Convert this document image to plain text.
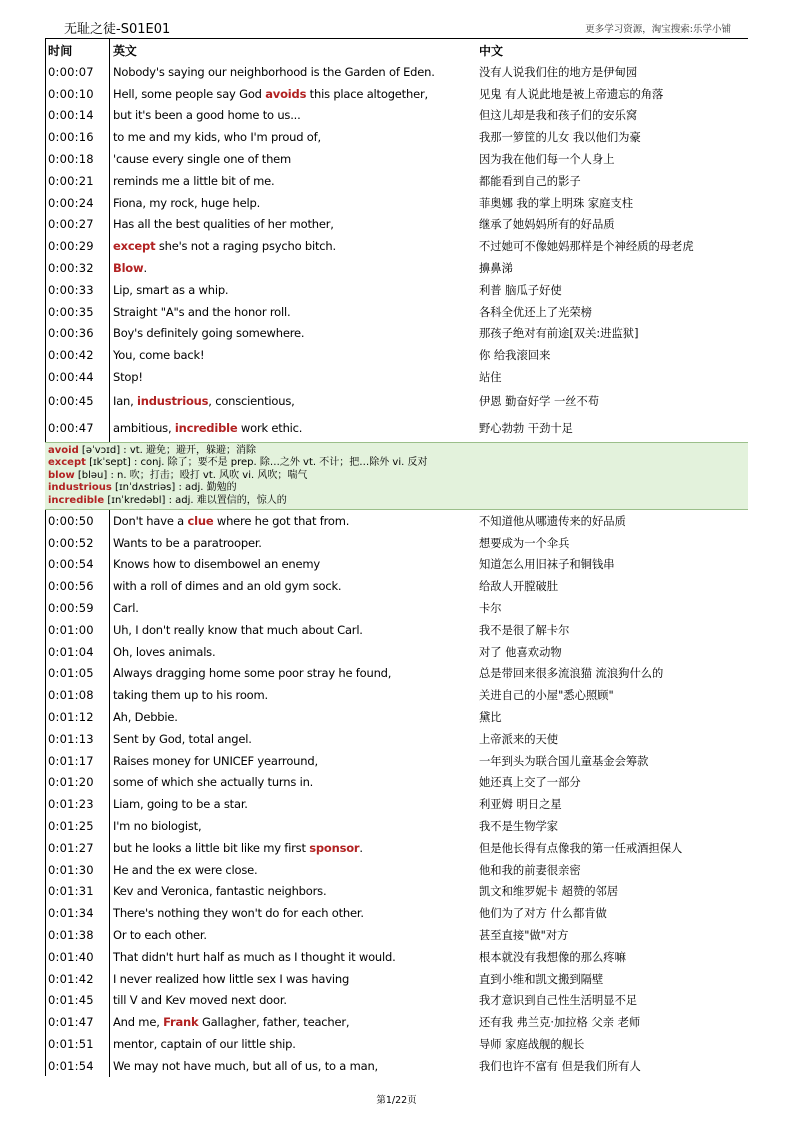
无耻之徒-S01E01	更多学习资源，淘宝搜索:乐学小铺
时间	英文	中文
0:00:07	Nobody's saying our neighborhood is the Garden of Eden.	没有人说我们住的地方是伊甸园
0:00:10	Hell, some people say God avoids this place altogether,	见鬼 有人说此地是被上帝遗忘的角落
0:00:14	but it's been a good home to us...	但这儿却是我和孩子们的安乐窝
0:00:16	to me and my kids, who I'm proud of,	我那一箩筐的儿女 我以他们为豪
0:00:18	'cause every single one of them	因为我在他们每一个人身上
0:00:21	reminds me a little bit of me.	都能看到自己的影子
0:00:24	Fiona, my rock, huge help.	菲奥娜 我的掌上明珠 家庭支柱
0:00:27	Has all the best qualities of her mother,	继承了她妈妈所有的好品质
0:00:29	except she's not a raging psycho bitch.	不过她可不像她妈那样是个神经质的母老虎
0:00:32	Blow.	擤鼻涕
0:00:33	Lip, smart as a whip.	利普 脑瓜子好使
0:00:35	Straight "A"s and the honor roll.	各科全优还上了光荣榜
0:00:36	Boy's definitely going somewhere.	那孩子绝对有前途[双关:进监狱]
0:00:42	You, come back!	你 给我滚回来
0:00:44	Stop!	站住
0:00:45	Ian, industrious, conscientious,	伊恩 勤奋好学 一丝不苟
0:00:47	ambitious, incredible work ethic.	野心勃勃 干劲十足
avoid [əˈvɔɪd] : vt. 避免；避开，躲避；消除
except [ɪkˈsept] : conj. 除了；要不是 prep. 除…之外 vt. 不计；把…除外 vi. 反对
blow [bləu] : n. 吹；打击；殴打 vt. 风吹 vi. 风吹；喘气
industrious [ɪnˈdʌstriəs] : adj. 勤勉的
incredible [ɪnˈkredəbl] : adj. 难以置信的，惊人的
0:00:50	Don't have a clue where he got that from.	不知道他从哪遗传来的好品质
0:00:52	Wants to be a paratrooper.	想要成为一个伞兵
0:00:54	Knows how to disembowel an enemy	知道怎么用旧袜子和铜钱串
0:00:56	with a roll of dimes and an old gym sock.	给敌人开膛破肚
0:00:59	Carl.	卡尔
0:01:00	Uh, I don't really know that much about Carl.	我不是很了解卡尔
0:01:04	Oh, loves animals.	对了 他喜欢动物
0:01:05	Always dragging home some poor stray he found,	总是带回来很多流浪猫 流浪狗什么的
0:01:08	taking them up to his room.	关进自己的小屋"悉心照顾"
0:01:12	Ah, Debbie.	黛比
0:01:13	Sent by God, total angel.	上帝派来的天使
0:01:17	Raises money for UNICEF yearround,	一年到头为联合国儿童基金会筹款
0:01:20	some of which she actually turns in.	她还真上交了一部分
0:01:23	Liam, going to be a star.	利亚姆 明日之星
0:01:25	I'm no biologist,	我不是生物学家
0:01:27	but he looks a little bit like my first sponsor.	但是他长得有点像我的第一任戒酒担保人
0:01:30	He and the ex were close.	他和我的前妻很亲密
0:01:31	Kev and Veronica, fantastic neighbors.	凯文和维罗妮卡 超赞的邻居
0:01:34	There's nothing they won't do for each other.	他们为了对方 什么都肯做
0:01:38	Or to each other.	甚至直接"做"对方
0:01:40	That didn't hurt half as much as I thought it would.	根本就没有我想像的那么疼嘛
0:01:42	I never realized how little sex I was having	直到小维和凯文搬到隔壁
0:01:45	till V and Kev moved next door.	我才意识到自己性生活明显不足
0:01:47	And me, Frank Gallagher, father, teacher,	还有我 弗兰克·加拉格 父亲 老师
0:01:51	mentor, captain of our little ship.	导师 家庭战舰的舰长
0:01:54	We may not have much, but all of us, to a man,	我们也许不富有 但是我们所有人
第1/22页
